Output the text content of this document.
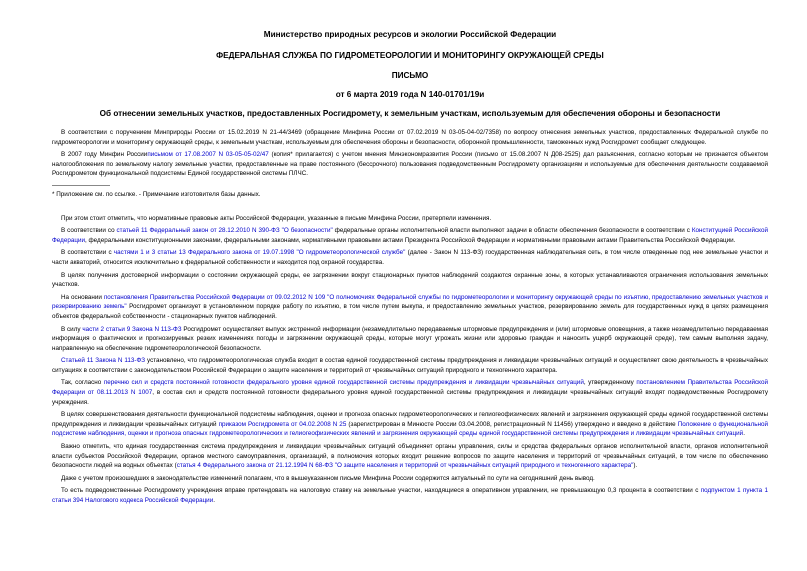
Министерство природных ресурсов и экологии Российской Федерации
ФЕДЕРАЛЬНАЯ СЛУЖБА ПО ГИДРОМЕТЕОРОЛОГИИ И МОНИТОРИНГУ ОКРУЖАЮЩЕЙ СРЕДЫ
ПИСЬМО
от 6 марта 2019 года N 140-01701/19и
Об отнесении земельных участков, предоставленных Росгидромету, к земельным участкам, используемым для обеспечения обороны и безопасности

В соответствии с поручением Минприроды России от 15.02.2019 N 21-44/3469 (обращение Минфина России от 07.02.2019 N 03-05-04-02/7358) по вопросу отнесения земельных участков, предоставленных Федеральной службе по гидрометеорологии и мониторингу окружающей среды, к земельным участкам, используемым для обеспечения обороны и безопасности, оборонной промышленности, таможенных нужд Росгидромет сообщает следующее.

В 2007 году Минфин Россииписьмом от 17.08.2007 N 03-05-05-02/47 (копия* прилагается) с учетом мнения Минэкономразвития России (письмо от 15.08.2007 N Д08-2525) дал разъяснения, согласно которым не признается объектом налогообложения по земельному налогу земельные участки, предоставленные на праве постоянного (бессрочного) пользования подведомственным Росгидромету организациям и используемые для обеспечения деятельности создаваемой Росгидрометом функциональной подсистемы Единой государственной системы ПЛЧС.

* Приложение см. по ссылке. - Примечание изготовителя базы данных.

При этом стоит отметить, что нормативные правовые акты Российской Федерации, указанные в письме Минфина России, претерпели изменения.

В соответствии со статьей 11 Федеральный закон от 28.12.2010 N 390-ФЗ "О безопасности" федеральные органы исполнительной власти выполняют задачи в области обеспечения безопасности в соответствии с Конституцией Российской Федерации, федеральными конституционными законами, федеральными законами, нормативными правовыми актами Президента Российской Федерации и нормативными правовыми актами Правительства Российской Федерации.

В соответствии с частями 1 и 3 статьи 13 Федерального закона от 19.07.1998 "О гидрометеорологической службе" (далее - Закон N 113-ФЗ) государственная наблюдательная сеть, в том числе отведенные под нее земельные участки и части акваторий, относится исключительно к федеральной собственности и находится под охраной государства.

В целях получения достоверной информации о состоянии окружающей среды, ее загрязнении вокруг стационарных пунктов наблюдений создаются охранные зоны, в которых устанавливаются ограничения использования земельных участков.

На основании постановления Правительства Российской Федерации от 09.02.2012 N 109 "О полномочиях Федеральной службы по гидрометеорологии и мониторингу окружающей среды по изъятию, предоставлению земельных участков и резервированию земель" Росгидромет организует в установленном порядке работу по изъятию, в том числе путем выкупа, и предоставлению земельных участков, резервированию земель для государственных нужд в целях размещения объектов федеральной собственности - стационарных пунктов наблюдений.

В силу части 2 статьи 9 Закона N 113-ФЗ Росгидромет осуществляет выпуск экстренной информации (незамедлительно передаваемые штормовые предупреждения и (или) штормовые оповещения, а также незамедлительно передаваемая информация о фактических и прогнозируемых резких изменениях погоды и загрязнении окружающей среды, которые могут угрожать жизни или здоровью граждан и наносить ущерб окружающей среде), тем самым выполняя задачу, направленную на обеспечение гидрометеорологической безопасности.

Статьей 11 Закона N 113-ФЗ установлено, что гидрометеорологическая служба входит в состав единой государственной системы предупреждения и ликвидации чрезвычайных ситуаций и осуществляет свою деятельность в чрезвычайных ситуациях в соответствии с законодательством Российской Федерации о защите населения и территорий от чрезвычайных ситуаций природного и техногенного характера.

Так, согласно перечню сил и средств постоянной готовности федерального уровня единой государственной системы предупреждения и ликвидации чрезвычайных ситуаций, утвержденному постановлением Правительства Российской Федерации от 08.11.2013 N 1007, в состав сил и средств постоянной готовности федерального уровня единой государственной системы предупреждения и ликвидации чрезвычайных ситуаций входят подведомственные Росгидромету учреждения.

В целях совершенствования деятельности функциональной подсистемы наблюдения, оценки и прогноза опасных гидрометеорологических и гелиогеофизических явлений и загрязнения окружающей среды единой государственной системы предупреждения и ликвидации чрезвычайных ситуаций приказом Росгидромета от 04.02.2008 N 25 (зарегистрирован в Минюсте России 03.04.2008, регистрационный N 11456) утверждено и введено в действие Положение о функциональной подсистеме наблюдения, оценки и прогноза опасных гидрометеорологических и гелиогеофизических явлений и загрязнения окружающей среды единой государственной системы предупреждения и ликвидации чрезвычайных ситуаций.

Важно отметить, что единая государственная система предупреждения и ликвидации чрезвычайных ситуаций объединяет органы управления, силы и средства федеральных органов исполнительной власти, органов исполнительной власти субъектов Российской Федерации, органов местного самоуправления, организаций, в полномочия которых входит решение вопросов по защите населения и территорий от чрезвычайных ситуаций, в том числе по обеспечению безопасности людей на водных объектах (статья 4 Федерального закона от 21.12.1994 N 68-ФЗ "О защите населения и территорий от чрезвычайных ситуаций природного и техногенного характера").

Даже с учетом произошедших в законодательстве изменений полагаем, что в вышеуказанном письме Минфина России содержится актуальный по сути на сегодняшний день вывод.

То есть подведомственные Росгидромету учреждения вправе претендовать на налоговую ставку на земельные участки, находящиеся в оперативном управлении, не превышающую 0,3 процента в соответствии с подпунктом 1 пункта 1 статьи 394 Налогового кодекса Российской Федерации.
